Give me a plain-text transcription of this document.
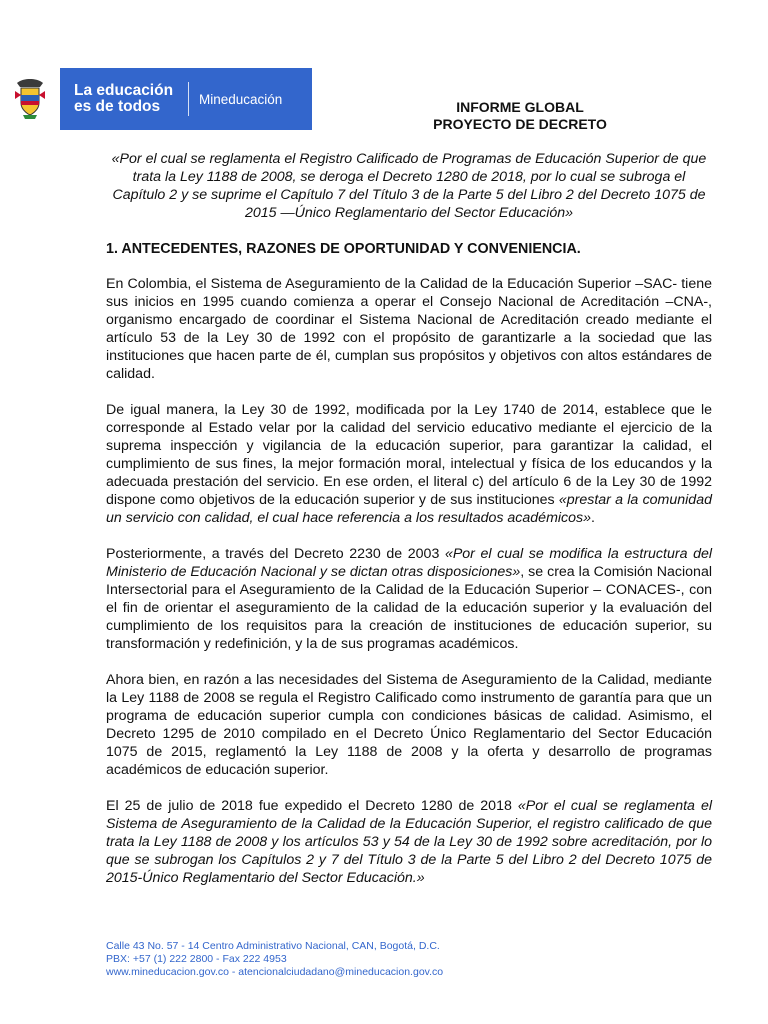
La educación
es de todos	Mineducación	INFORME GLOBAL
PROYECTO DE DECRETO

«Por el cual se reglamenta el Registro Calificado de Programas de Educación Superior de que trata la Ley 1188 de 2008, se deroga el Decreto 1280 de 2018, por lo cual se subroga el Capítulo 2 y se suprime el Capítulo 7 del Título 3 de la Parte 5 del Libro 2 del Decreto 1075 de 2015 —Único Reglamentario del Sector Educación»

1. ANTECEDENTES, RAZONES DE OPORTUNIDAD Y CONVENIENCIA.

En Colombia, el Sistema de Aseguramiento de la Calidad de la Educación Superior –SAC- tiene sus inicios en 1995 cuando comienza a operar el Consejo Nacional de Acreditación –CNA-, organismo encargado de coordinar el Sistema Nacional de Acreditación creado mediante el artículo 53 de la Ley 30 de 1992 con el propósito de garantizarle a la sociedad que las instituciones que hacen parte de él, cumplan sus propósitos y objetivos con altos estándares de calidad.

De igual manera, la Ley 30 de 1992, modificada por la Ley 1740 de 2014, establece que le corresponde al Estado velar por la calidad del servicio educativo mediante el ejercicio de la suprema inspección y vigilancia de la educación superior, para garantizar la calidad, el cumplimiento de sus fines, la mejor formación moral, intelectual y física de los educandos y la adecuada prestación del servicio. En ese orden, el literal c) del artículo 6 de la Ley 30 de 1992 dispone como objetivos de la educación superior y de sus instituciones «prestar a la comunidad un servicio con calidad, el cual hace referencia a los resultados académicos».

Posteriormente, a través del Decreto 2230 de 2003 «Por el cual se modifica la estructura del Ministerio de Educación Nacional y se dictan otras disposiciones», se crea la Comisión Nacional Intersectorial para el Aseguramiento de la Calidad de la Educación Superior – CONACES-, con el fin de orientar el aseguramiento de la calidad de la educación superior y la evaluación del cumplimiento de los requisitos para la creación de instituciones de educación superior, su transformación y redefinición, y la de sus programas académicos.

Ahora bien, en razón a las necesidades del Sistema de Aseguramiento de la Calidad, mediante la Ley 1188 de 2008 se regula el Registro Calificado como instrumento de garantía para que un programa de educación superior cumpla con condiciones básicas de calidad. Asimismo, el Decreto 1295 de 2010 compilado en el Decreto Único Reglamentario del Sector Educación 1075 de 2015, reglamentó la Ley 1188 de 2008 y la oferta y desarrollo de programas académicos de educación superior.

El 25 de julio de 2018 fue expedido el Decreto 1280 de 2018 «Por el cual se reglamenta el Sistema de Aseguramiento de la Calidad de la Educación Superior, el registro calificado de que trata la Ley 1188 de 2008 y los artículos 53 y 54 de la Ley 30 de 1992 sobre acreditación, por lo que se subrogan los Capítulos 2 y 7 del Título 3 de la Parte 5 del Libro 2 del Decreto 1075 de 2015-Único Reglamentario del Sector Educación.»

Calle 43 No. 57 - 14 Centro Administrativo Nacional, CAN, Bogotá, D.C.
PBX: +57 (1) 222 2800 - Fax 222 4953
www.mineducacion.gov.co - atencionalciudadano@mineducacion.gov.co
